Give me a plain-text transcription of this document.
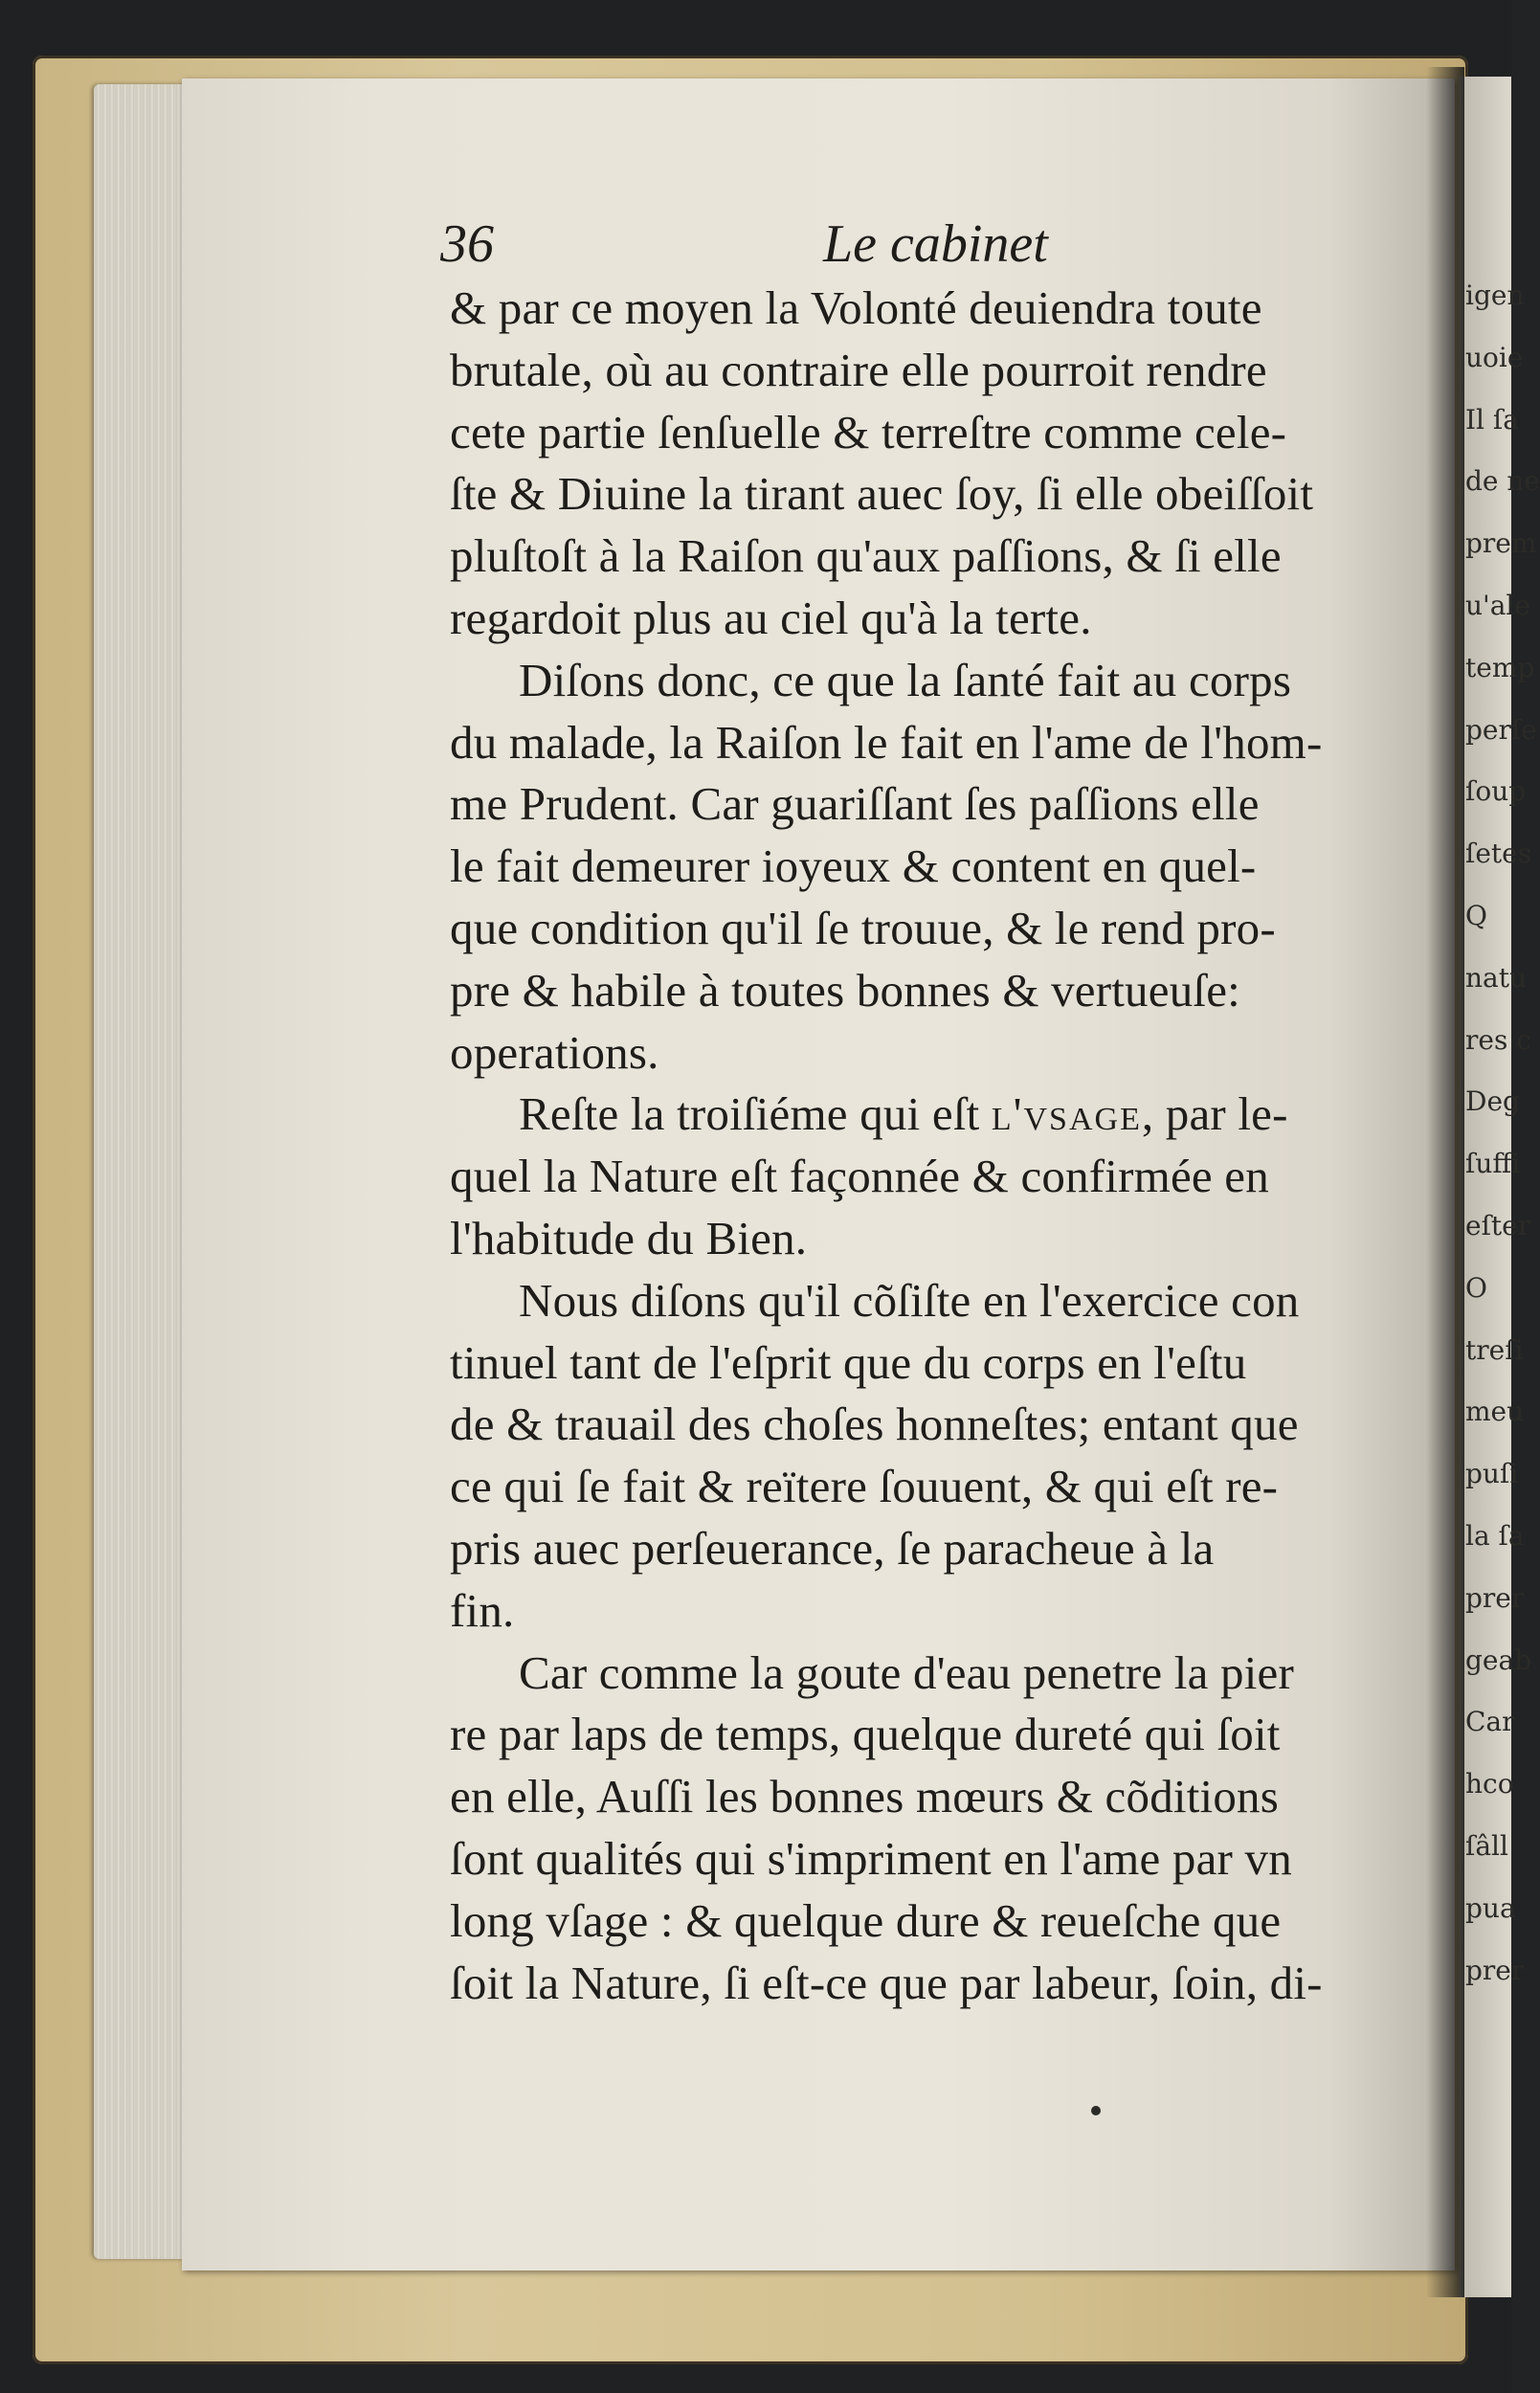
igen
uoie
Il ſa
de ne
prem
u'ale
temp
perſe
ſoup
ſetes
Q
natu
res c
Deg
ſuffi
eſter
O
treſi
meu
puſi
la ſa
prer
geab
Car
hco
ſâll
pua
prer
36	Le cabinet
& par ce moyen la Volonté deuiendra toute
brutale, où au contraire elle pourroit rendre
cete partie ſenſuelle & terreſtre comme cele-
ſte & Diuine la tirant auec ſoy, ſi elle obeiſſoit
pluſtoſt à la Raiſon qu'aux paſſions, & ſi elle
regardoit plus au ciel qu'à la terte.
Diſons donc, ce que la ſanté fait au corps
du malade, la Raiſon le fait en l'ame de l'hom-
me Prudent. Car guariſſant ſes paſſions elle
le fait demeurer ioyeux & content en quel-
que condition qu'il ſe trouue, & le rend pro-
pre & habile à toutes bonnes & vertueuſe:
operations.
Reſte la troiſiéme qui eſt l'vsage, par le-
quel la Nature eſt façonnée & confirmée en
l'habitude du Bien.
Nous diſons qu'il cõſiſte en l'exercice con
tinuel tant de l'eſprit que du corps en l'eſtu
de & trauail des choſes honneſtes; entant que
ce qui ſe fait & reïtere ſouuent, & qui eſt re-
pris auec perſeuerance, ſe paracheue à la
fin.
Car comme la goute d'eau penetre la pier
re par laps de temps, quelque dureté qui ſoit
en elle, Auſſi les bonnes mœurs & cõditions
ſont qualités qui s'impriment en l'ame par vn
long vſage : & quelque dure & reueſche que
ſoit la Nature, ſi eſt-ce que par labeur, ſoin, di-
